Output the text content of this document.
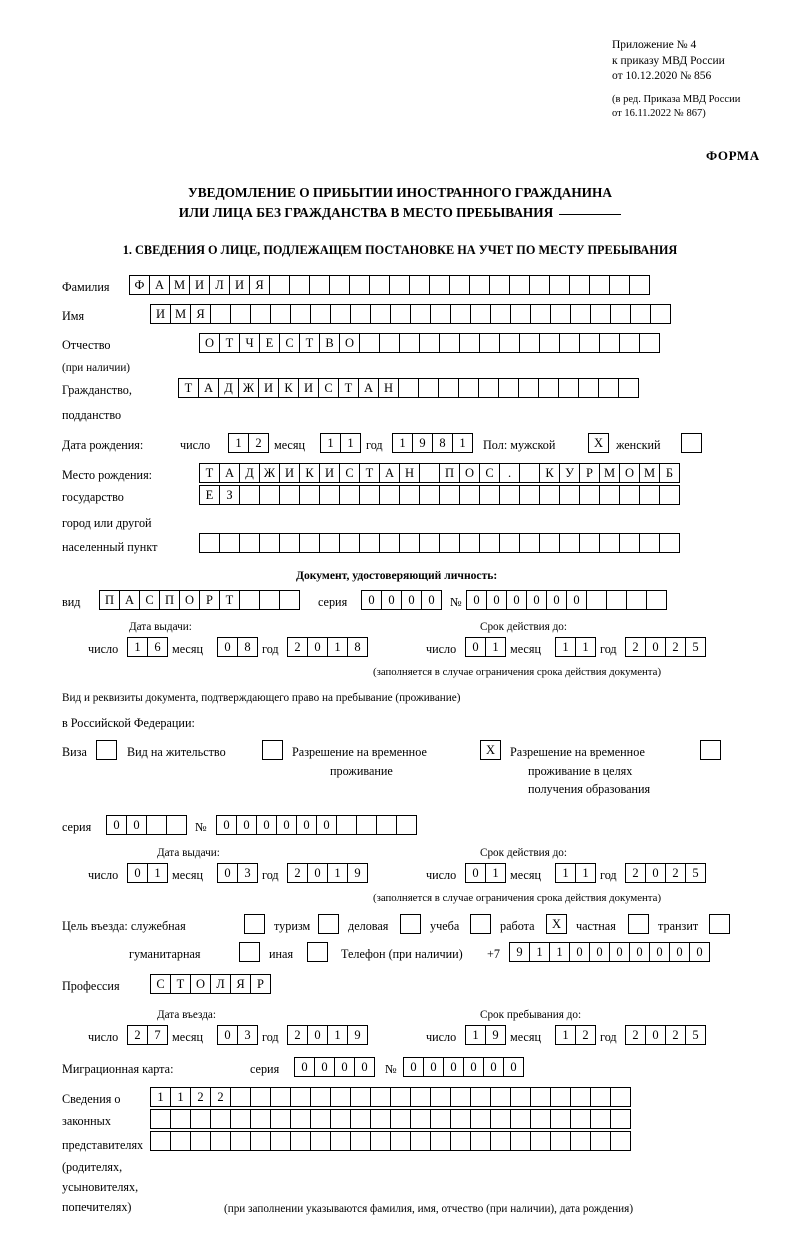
Приложение № 4
к приказу МВД России
от 10.12.2020 № 856
(в ред. Приказа МВД России
от 16.11.2022 № 867)
ФОРМА
УВЕДОМЛЕНИЕ О ПРИБЫТИИ ИНОСТРАННОГО ГРАЖДАНИНА
ИЛИ ЛИЦА БЕЗ ГРАЖДАНСТВА В МЕСТО ПРЕБЫВАНИЯ
1. СВЕДЕНИЯ О ЛИЦЕ, ПОДЛЕЖАЩЕМ ПОСТАНОВКЕ НА УЧЕТ ПО МЕСТУ ПРЕБЫВАНИЯ
Фамилия	Ф А М И Л И Я
Имя	И М Я
Отчество	О Т Ч Е С Т В О
(при наличии)
Гражданство,	Т А Д Ж И К И С Т А Н
подданство
Дата рождения:	число	1	2	месяц	1	1	год	1	9	8	1	Пол: мужской	X	женский
Место рождения:	Т А Д Ж И К И С Т А Н	П О С	.	К У Р М О М Б
государство	Е	З
город или другой
населенный пункт
Документ, удостоверяющий личность:
вид	П А С П О Р	Т	серия	0	0	0	0	№ 0	0	0	0	0	0
Дата выдачи:	Срок действия до:
число	1	6 месяц	0	8 год	2	0	1	8	число	0	1 месяц	1	1 год	2	0	2	5
(заполняется в случае ограничения срока действия документа)
Вид и реквизиты документа, подтверждающего право на пребывание (проживание)
в Российской Федерации:
Виза	Вид на жительство	Разрешение на временное	X	Разрешение на временное
проживание	проживание в целях
получения образования
серия	0	0	№	0	0	0	0	0	0
Дата выдачи:	Срок действия до:
число	0	1 месяц	0	3 год	2	0	1	9	число	0	1 месяц	1	1 год	2	0	2	5
(заполняется в случае ограничения срока действия документа)
Цель въезда: служебная	туризм	деловая	учеба	работа	X	частная	транзит
гуманитарная	иная	Телефон (при наличии) +7	9	1	1	0	0	0	0	0	0	0
Профессия	С Т О Л Я Р
Дата въезда:	Срок пребывания до:
число	2	7 месяц	0	3 год	2	0	1	9	число	1	9 месяц	1	2 год	2	0	2	5
Миграционная карта:	серия	0	0	0	0	№	0	0	0	0	0	0
Сведения о	1	1	2	2
законных
представителях
(родителях,
усыновителях,
попечителях)	(при заполнении указываются фамилия, имя, отчество (при наличии), дата рождения)
